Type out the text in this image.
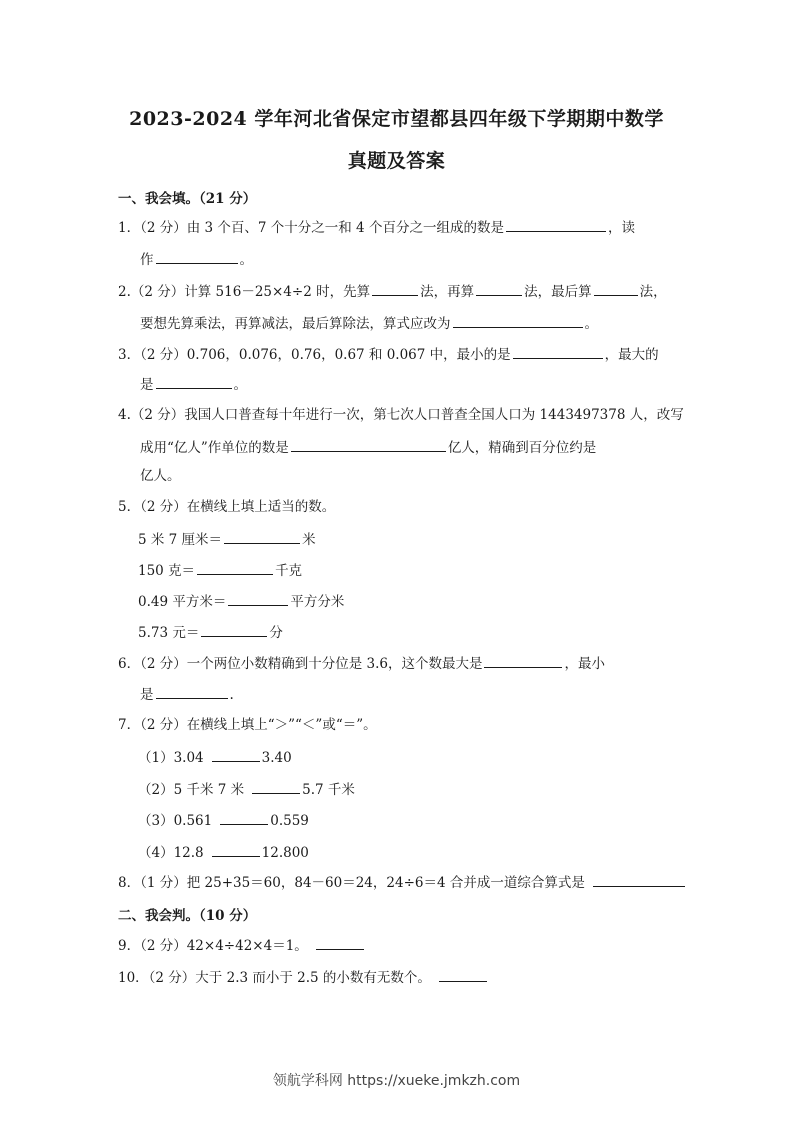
2023-2024 学年河北省保定市望都县四年级下学期期中数学
真题及答案
一、我会填。（21 分）
1．（2 分）由 3 个百、7 个十分之一和 4 个百分之一组成的数是	，读
作	。
2.（2 分）计算 516－25×4÷2 时，先算	法，再算	法，最后算	法，
要想先算乘法，再算减法，最后算除法，算式应改为	。
3．（2 分）0.706，0.076，0.76，0.67 和 0.067 中，最小的是	，最大的
是	。
4.（2 分）我国人口普查每十年进行一次，第七次人口普查全国人口为 1443497378 人，改写
成用“亿人”作单位的数是	亿人，精确到百分位约是
亿人。
5．（2 分）在横线上填上适当的数。
5 米 7 厘米＝	米
150 克＝	千克
0.49 平方米＝	平方分米
5.73 元＝	分
6．（2 分）一个两位小数精确到十分位是 3.6，这个数最大是	，最小
是	.
7．（2 分）在横线上填上“＞”“＜”或“＝”。
（1）3.04	3.40
（2）5 千米 7 米	5.7 千米
（3）0.561	0.559
（4）12.8	12.800
8．（1 分）把 25+35＝60，84－60＝24，24÷6＝4 合并成一道综合算式是
二、我会判。（10 分）
9．（2 分）42×4÷42×4＝1。
10．（2 分）大于 2.3 而小于 2.5 的小数有无数个。
领航学科网 https://xueke.jmkzh.com
